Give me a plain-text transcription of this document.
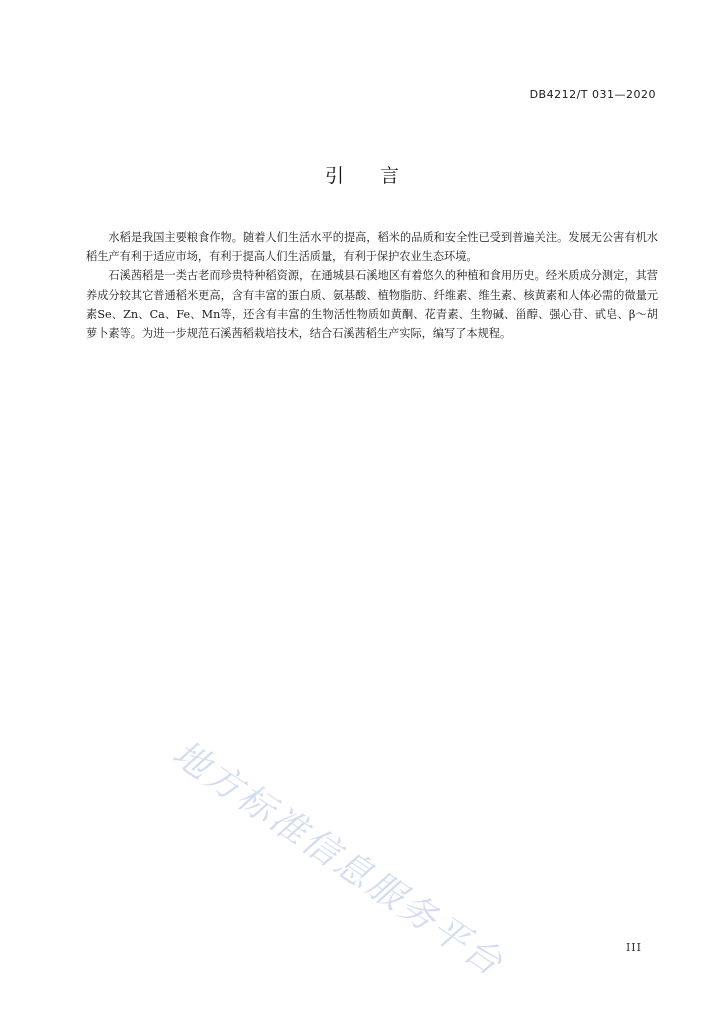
DB4212/T 031—2020
引言

水稻是我国主要粮食作物。随着人们生活水平的提高，稻米的品质和安全性已受到普遍关注。发展无公害有机水稻生产有利于适应市场，有利于提高人们生活质量，有利于保护农业生态环境。

石溪茜稻是一类古老而珍贵特种稻资源，在通城县石溪地区有着悠久的种植和食用历史。经米质成分测定，其营养成分较其它普通稻米更高，含有丰富的蛋白质、氨基酸、植物脂肪、纤维素、维生素、核黄素和人体必需的微量元素Se、Zn、Ca、Fe、Mn等，还含有丰富的生物活性物质如黄酮、花青素、生物碱、甾醇、强心苷、甙皂、β～胡萝卜素等。为进一步规范石溪茜稻栽培技术，结合石溪茜稻生产实际，编写了本规程。

地方标准信息服务平台	III
